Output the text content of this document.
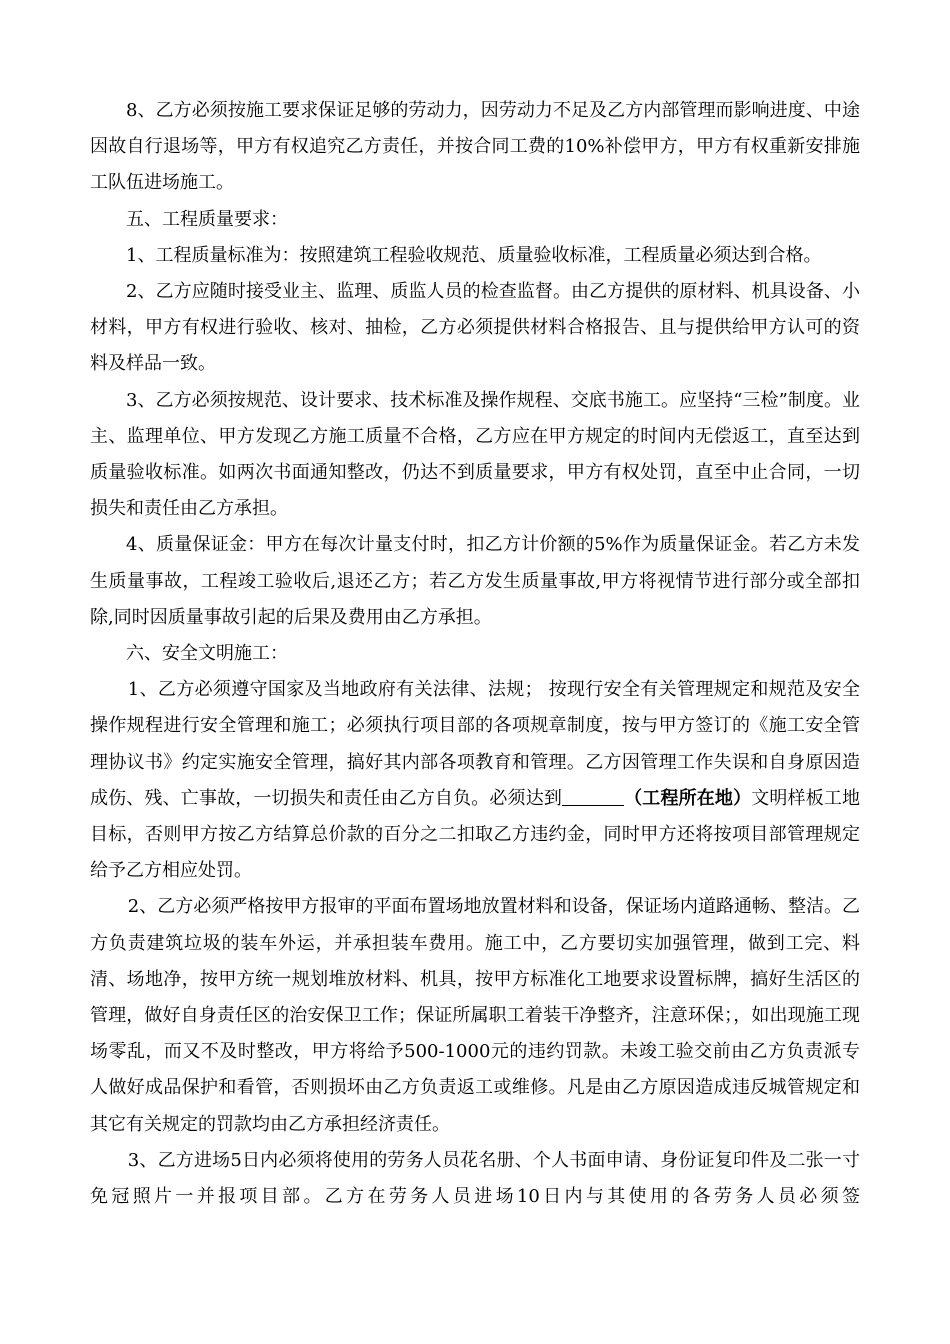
8、乙方必须按施工要求保证足够的劳动力，因劳动力不足及乙方内部管理而影响进度、中途因故自行退场等，甲方有权追究乙方责任，并按合同工费的10%补偿甲方，甲方有权重新安排施工队伍进场施工。

五、工程质量要求：

1、工程质量标准为：按照建筑工程验收规范、质量验收标准，工程质量必须达到合格。

2、乙方应随时接受业主、监理、质监人员的检查监督。由乙方提供的原材料、机具设备、小材料，甲方有权进行验收、核对、抽检，乙方必须提供材料合格报告、且与提供给甲方认可的资料及样品一致。

3、乙方必须按规范、设计要求、技术标准及操作规程、交底书施工。应坚持“三检”制度。业主、监理单位、甲方发现乙方施工质量不合格，乙方应在甲方规定的时间内无偿返工，直至达到质量验收标准。如两次书面通知整改，仍达不到质量要求，甲方有权处罚，直至中止合同，一切损失和责任由乙方承担。

4、质量保证金：甲方在每次计量支付时，扣乙方计价额的5%作为质量保证金。若乙方未发生质量事故，工程竣工验收后,退还乙方；若乙方发生质量事故,甲方将视情节进行部分或全部扣除,同时因质量事故引起的后果及费用由乙方承担。

六、安全文明施工：

1、乙方必须遵守国家及当地政府有关法律、法规； 按现行安全有关管理规定和规范及安全操作规程进行安全管理和施工；必须执行项目部的各项规章制度，按与甲方签订的《施工安全管理协议书》约定实施安全管理，搞好其内部各项教育和管理。乙方因管理工作失误和自身原因造成伤、残、亡事故，一切损失和责任由乙方自负。必须达到	（工程所在地）文明样板工地目标，否则甲方按乙方结算总价款的百分之二扣取乙方违约金，同时甲方还将按项目部管理规定给予乙方相应处罚。

2、乙方必须严格按甲方报审的平面布置场地放置材料和设备，保证场内道路通畅、整洁。乙方负责建筑垃圾的装车外运，并承担装车费用。施工中，乙方要切实加强管理，做到工完、料清、场地净，按甲方统一规划堆放材料、机具，按甲方标准化工地要求设置标牌，搞好生活区的管理，做好自身责任区的治安保卫工作；保证所属职工着装干净整齐，注意环保；，如出现施工现场零乱，而又不及时整改，甲方将给予500-1000元的违约罚款。未竣工验交前由乙方负责派专人做好成品保护和看管，否则损坏由乙方负责返工或维修。凡是由乙方原因造成违反城管规定和其它有关规定的罚款均由乙方承担经济责任。

3、乙方进场5日内必须将使用的劳务人员花名册、个人书面申请、身份证复印件及二张一寸免冠照片一并报项目部。乙方在劳务人员进场10日内与其使用的各劳务人员必须签
